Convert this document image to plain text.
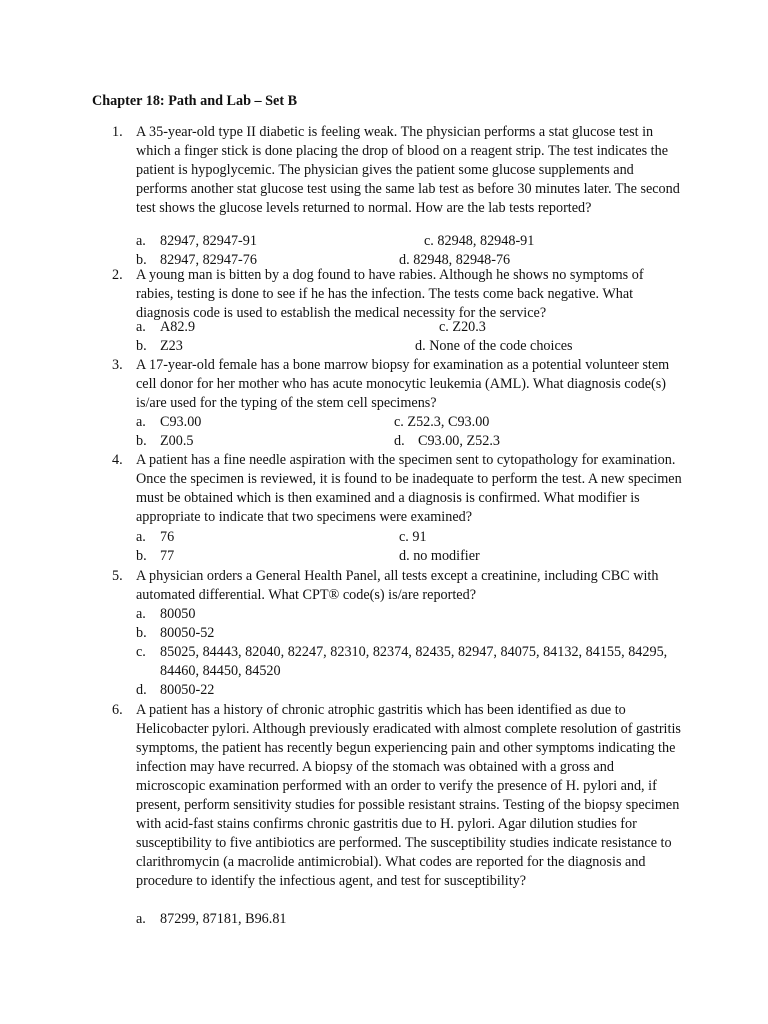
Chapter 18: Path and Lab – Set B
1. A 35-year-old type II diabetic is feeling weak. The physician performs a stat glucose test in which a finger stick is done placing the drop of blood on a reagent strip. The test indicates the patient is hypoglycemic. The physician gives the patient some glucose supplements and performs another stat glucose test using the same lab test as before 30 minutes later. The second test shows the glucose levels returned to normal. How are the lab tests reported?
a. 82947, 82947-91	c. 82948, 82948-91
b. 82947, 82947-76	d. 82948, 82948-76
2. A young man is bitten by a dog found to have rabies. Although he shows no symptoms of rabies, testing is done to see if he has the infection. The tests come back negative. What diagnosis code is used to establish the medical necessity for the service?
a. A82.9	c. Z20.3
b. Z23	d. None of the code choices
3. A 17-year-old female has a bone marrow biopsy for examination as a potential volunteer stem cell donor for her mother who has acute monocytic leukemia (AML). What diagnosis code(s) is/are used for the typing of the stem cell specimens?
a. C93.00	c. Z52.3, C93.00
b. Z00.5	d. C93.00, Z52.3
4. A patient has a fine needle aspiration with the specimen sent to cytopathology for examination. Once the specimen is reviewed, it is found to be inadequate to perform the test. A new specimen must be obtained which is then examined and a diagnosis is confirmed. What modifier is appropriate to indicate that two specimens were examined?
a. 76	c. 91
b. 77	d. no modifier
5. A physician orders a General Health Panel, all tests except a creatinine, including CBC with automated differential. What CPT® code(s) is/are reported?
a. 80050
b. 80050-52
c. 85025, 84443, 82040, 82247, 82310, 82374, 82435, 82947, 84075, 84132, 84155, 84295, 84460, 84450, 84520
d. 80050-22
6. A patient has a history of chronic atrophic gastritis which has been identified as due to Helicobacter pylori. Although previously eradicated with almost complete resolution of gastritis symptoms, the patient has recently begun experiencing pain and other symptoms indicating the infection may have recurred. A biopsy of the stomach was obtained with a gross and microscopic examination performed with an order to verify the presence of H. pylori and, if present, perform sensitivity studies for possible resistant strains. Testing of the biopsy specimen with acid-fast stains confirms chronic gastritis due to H. pylori. Agar dilution studies for susceptibility to five antibiotics are performed. The susceptibility studies indicate resistance to clarithromycin (a macrolide antimicrobial). What codes are reported for the diagnosis and procedure to identify the infectious agent, and test for susceptibility?
a. 87299, 87181, B96.81
